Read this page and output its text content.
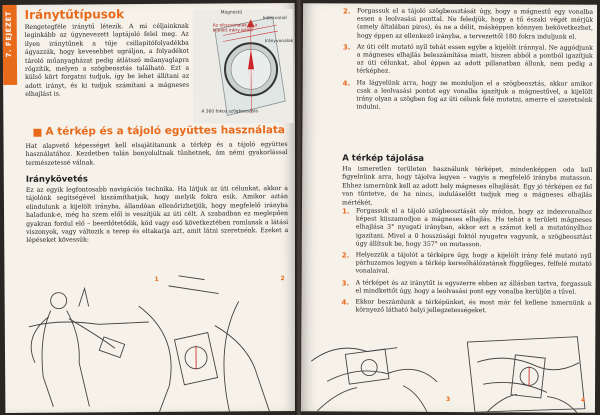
7. FEJEZET Iránytűtípusok
Rengetegféle iránytű létezik. A mi céljainknak leginkább az úgynevezett laptájoló felel meg. Az ilyen iránytűnek a tűje csillapítófolyadékba ágyazzák, hogy kevesebbet ugráljon, a folyadékot tároló műanyagházat pedig átlátszó műanyaglapra rögzítik, melyen a szögbeosztás található. Ezt a külső kört forgatni tudjuk, így be lehet állítani az adott irányt, és ki tudjuk számítani a mágneses elhajlást is.
Mágnestű
Indexvonal
Az oltszvonalak és a kijelölt irány jelölő
Irányvonalak
A 360 fokos szögbeosztás
A térkép és a tájoló együttes használata
Hat alapvető képességet kell elsajátítanunk a térkép és a tájoló együttes használatához. Kezdetben talán bonyolultnak tűnhetnek, ám némi gyakorlással természetessé válnak.
Iránykövetés
Ez az egyik legfontosabb navigációs technika. Ha látjuk az úti célunkat, akkor a tájolónk segítségével kiszámíthatjuk, hogy melyik fokra esik. Amikor aztán elindulunk a kijelölt irányba, állandóan ellenőrizhetjük, hogy megfelelő irányba haladunk-e, még ha szem elől is veszítjük az úti célt. A szabadban ez meglepően gyakran fordul elő – beerdőtetődik, köd vagy eső következtében romlanak a látási viszonyok, vagy változik a terep és eltakarja azt, amit látni szeretnénk. Ezeket a lépéseket kövessük:
1	2
2. Forgassuk el a tájoló szögbeosztását úgy, hogy a mágnestű egy vonalba essen a leolvasási ponttal. Ne feledjük, hogy a tű északi végét mérjük (amely általában piros), és ne a délit, másképpen könnyen bekövetkezhet, hogy éppen az ellenkező irányba, a tervezettől 180 fokra induljunk el.
3. Az úti célt mutató nyíl tehát essen egybe a kijelölt iránnyal. Ne aggódjunk a mágneses elhajlás beleszámítása miatt, hiszen abból a pontból igazítjuk az úti célunkat, ahol éppen az adott pillanatban állunk, nem pedig a térképhez.
4. Ha lágyelünk arra, hogy ne mozduljon el a szögbeosztás, akkor amikor csak a leolvasási pontot egy vonalba igazítjuk a mágnestűvel, a kijelölt irány olyan a szögben fog az úti célunk felé mutatni, amerre el szeretnénk indulni.
A térkép tájolása
Ha ismeretlen területen használunk térképet, mindenképpen oda kell figyelnünk arra, hogy tájolva legyen – vagyis a megfelelő irányba mutasson. Ehhez ismernünk kell az adott hely mágneses elhajlását. Egy jó térképen ez fel van tüntetve, de ha nincs, induláselőtt tudjuk meg a mágneses elhajlás mértékét.
1. Forgassuk el a tájoló szögbeosztását oly módon, hogy az indexvonalhoz képest kiiszamodjon a mágneses elhajlás. Ha tehát a területi mágneses elhajlása 3° nyugati irányban, akkor ezt a számot kell a mutatónyílhoz igazítani. Mivel a 0 hosszúsági foktól nyugatra vagyunk, a szögbeosztást úgy állítsuk be, hogy 357° on mutasson.
2. Helyezzük a tájolót a térképre úgy, hogy a kijelölt irány felé mutató nyíl párhuzamos legyen a térkép keresőhálózatának függőleges, felfelé mutató vonalaival.
3. A térképet és az iránytűt is egyszerre ebben az állásban tartva, forgassuk el mindkettőt úgy, hogy a leolvasási pont egy vonalba kerüljön a tűvel.
4. Ekkor beszámlunk a térképünket, és most már fel kellene ismernünk a környező látható helyi jellegzetességeket.
3	4
